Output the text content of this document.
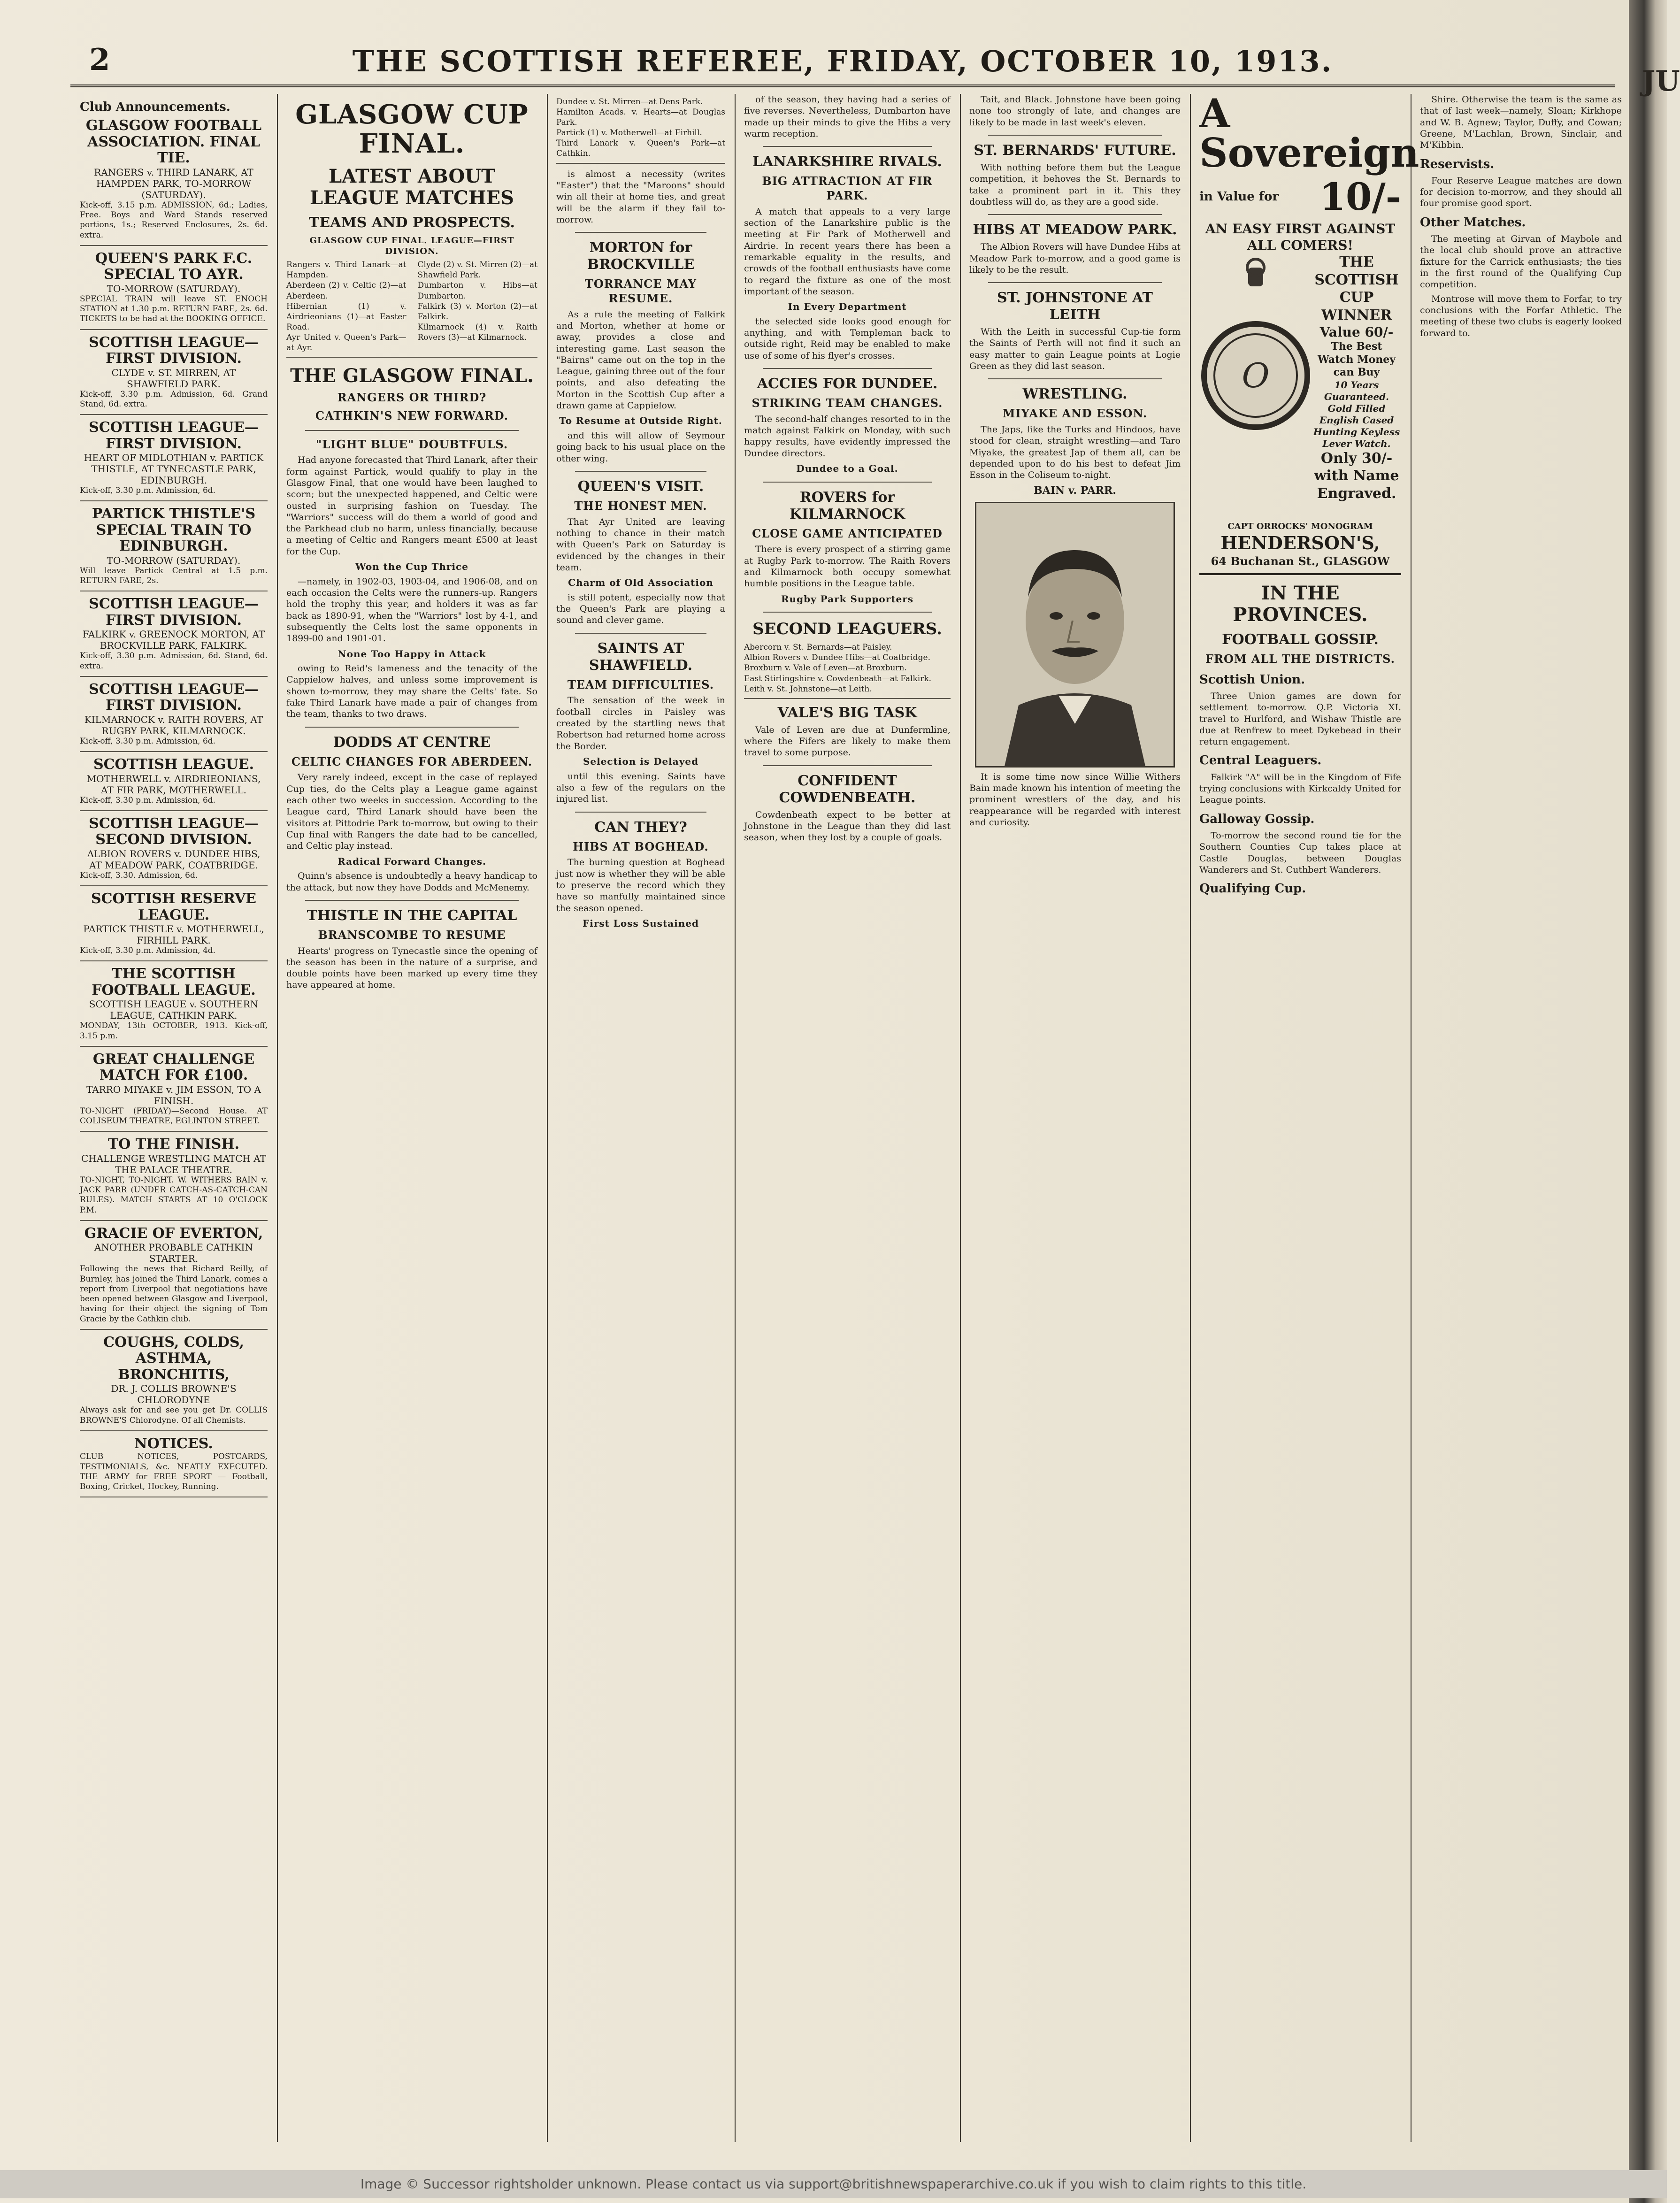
2	THE SCOTTISH REFEREE, FRIDAY, OCTOBER 10, 1913.
Club Announcements.
GLASGOW FOOTBALL ASSOCIATION. FINAL TIE.
RANGERS v. THIRD LANARK, AT HAMPDEN PARK, TO-MORROW (SATURDAY).
Kick-off, 3.15 p.m. ADMISSION, 6d.; Ladies, Free. Boys and Ward Stands reserved portions, 1s.; Reserved Enclosures, 2s. 6d. extra.
QUEEN'S PARK F.C. SPECIAL TO AYR.
TO-MORROW (SATURDAY).
SPECIAL TRAIN will leave ST. ENOCH STATION at 1.30 p.m. RETURN FARE, 2s. 6d. TICKETS to be had at the BOOKING OFFICE.
SCOTTISH LEAGUE—FIRST DIVISION.
CLYDE v. ST. MIRREN, AT SHAWFIELD PARK.
Kick-off, 3.30 p.m. Admission, 6d. Grand Stand, 6d. extra.
SCOTTISH LEAGUE—FIRST DIVISION.
HEART OF MIDLOTHIAN v. PARTICK THISTLE, AT TYNECASTLE PARK, EDINBURGH.
Kick-off, 3.30 p.m. Admission, 6d.
PARTICK THISTLE'S SPECIAL TRAIN TO EDINBURGH.
TO-MORROW (SATURDAY).
Will leave Partick Central at 1.5 p.m. RETURN FARE, 2s.
SCOTTISH LEAGUE—FIRST DIVISION.
FALKIRK v. GREENOCK MORTON, AT BROCKVILLE PARK, FALKIRK.
Kick-off, 3.30 p.m. Admission, 6d. Stand, 6d. extra.
SCOTTISH LEAGUE—FIRST DIVISION.
KILMARNOCK v. RAITH ROVERS, AT RUGBY PARK, KILMARNOCK.
Kick-off, 3.30 p.m. Admission, 6d.
SCOTTISH LEAGUE.
MOTHERWELL v. AIRDRIEONIANS, AT FIR PARK, MOTHERWELL.
Kick-off, 3.30 p.m. Admission, 6d.
SCOTTISH LEAGUE—SECOND DIVISION.
ALBION ROVERS v. DUNDEE HIBS, AT MEADOW PARK, COATBRIDGE.
Kick-off, 3.30. Admission, 6d.
SCOTTISH RESERVE LEAGUE.
PARTICK THISTLE v. MOTHERWELL, FIRHILL PARK.
Kick-off, 3.30 p.m. Admission, 4d.
THE SCOTTISH FOOTBALL LEAGUE.
SCOTTISH LEAGUE v. SOUTHERN LEAGUE, CATHKIN PARK.
MONDAY, 13th OCTOBER, 1913. Kick-off, 3.15 p.m.
GREAT CHALLENGE MATCH FOR £100.
TARRO MIYAKE v. JIM ESSON, TO A FINISH.
TO-NIGHT (FRIDAY)—Second House. AT COLISEUM THEATRE, EGLINTON STREET.
TO THE FINISH.
CHALLENGE WRESTLING MATCH AT THE PALACE THEATRE.
TO-NIGHT, TO-NIGHT. W. WITHERS BAIN v. JACK PARR (UNDER CATCH-AS-CATCH-CAN RULES). MATCH STARTS AT 10 O'CLOCK P.M.
GRACIE OF EVERTON,
ANOTHER PROBABLE CATHKIN STARTER.
Following the news that Richard Reilly, of Burnley, has joined the Third Lanark, comes a report from Liverpool that negotiations have been opened between Glasgow and Liverpool, having for their object the signing of Tom Gracie by the Cathkin club.
COUGHS, COLDS, ASTHMA, BRONCHITIS,
DR. J. COLLIS BROWNE'S CHLORODYNE
Always ask for and see you get Dr. COLLIS BROWNE'S Chlorodyne. Of all Chemists.
NOTICES.
CLUB NOTICES, POSTCARDS, TESTIMONIALS, &c. NEATLY EXECUTED. THE ARMY for FREE SPORT — Football, Boxing, Cricket, Hockey, Running.
GLASGOW CUP FINAL.
LATEST ABOUT LEAGUE MATCHES
TEAMS AND PROSPECTS.
GLASGOW CUP FINAL. LEAGUE—FIRST DIVISION.
Rangers v. Third Lanark—at Hampden.
Aberdeen (2) v. Celtic (2)—at Aberdeen.
Hibernian (1) v. Airdrieonians (1)—at Easter Road.
Ayr United v. Queen's Park—at Ayr.
Clyde (2) v. St. Mirren (2)—at Shawfield Park.
Dumbarton v. Hibs—at Dumbarton.
Falkirk (3) v. Morton (2)—at Falkirk.
Kilmarnock (4) v. Raith Rovers (3)—at Kilmarnock.
THE GLASGOW FINAL.
RANGERS OR THIRD?
CATHKIN'S NEW FORWARD.
"LIGHT BLUE" DOUBTFULS.

Had anyone forecasted that Third Lanark, after their form against Partick, would qualify to play in the Glasgow Final, that one would have been laughed to scorn; but the unexpected happened, and Celtic were ousted in surprising fashion on Tuesday. The "Warriors" success will do them a world of good and the Parkhead club no harm, unless financially, because a meeting of Celtic and Rangers meant £500 at least for the Cup.

Won the Cup Thrice

—namely, in 1902-03, 1903-04, and 1906-08, and on each occasion the Celts were the runners-up. Rangers hold the trophy this year, and holders it was as far back as 1890-91, when the "Warriors" lost by 4-1, and subsequently the Celts lost the same opponents in 1899-00 and 1901-01.

None Too Happy in Attack

owing to Reid's lameness and the tenacity of the Cappielow halves, and unless some improvement is shown to-morrow, they may share the Celts' fate. So fake Third Lanark have made a pair of changes from the team, thanks to two draws.

DODDS AT CENTRE
CELTIC CHANGES FOR ABERDEEN.

Very rarely indeed, except in the case of replayed Cup ties, do the Celts play a League game against each other two weeks in succession. According to the League card, Third Lanark should have been the visitors at Pittodrie Park to-morrow, but owing to their Cup final with Rangers the date had to be cancelled, and Celtic play instead.

Radical Forward Changes.

Quinn's absence is undoubtedly a heavy handicap to the attack, but now they have Dodds and McMenemy.

THISTLE IN THE CAPITAL
BRANSCOMBE TO RESUME

Hearts' progress on Tynecastle since the opening of the season has been in the nature of a surprise, and double points have been marked up every time they have appeared at home.

Dundee v. St. Mirren—at Dens Park.
Hamilton Acads. v. Hearts—at Douglas Park.
Partick (1) v. Motherwell—at Firhill.
Third Lanark v. Queen's Park—at Cathkin.

is almost a necessity (writes "Easter") that the "Maroons" should win all their at home ties, and great will be the alarm if they fail to-morrow.

MORTON for BROCKVILLE
TORRANCE MAY RESUME.

As a rule the meeting of Falkirk and Morton, whether at home or away, provides a close and interesting game. Last season the "Bairns" came out on the top in the League, gaining three out of the four points, and also defeating the Morton in the Scottish Cup after a drawn game at Cappielow.

To Resume at Outside Right.

and this will allow of Seymour going back to his usual place on the other wing.

QUEEN'S VISIT.
THE HONEST MEN.

That Ayr United are leaving nothing to chance in their match with Queen's Park on Saturday is evidenced by the changes in their team.

Charm of Old Association

is still potent, especially now that the Queen's Park are playing a sound and clever game.

SAINTS AT SHAWFIELD.
TEAM DIFFICULTIES.

The sensation of the week in football circles in Paisley was created by the startling news that Robertson had returned home across the Border.

Selection is Delayed

until this evening. Saints have also a few of the regulars on the injured list.

CAN THEY?
HIBS AT BOGHEAD.

The burning question at Boghead just now is whether they will be able to preserve the record which they have so manfully maintained since the season opened.

First Loss Sustained

of the season, they having had a series of five reverses. Nevertheless, Dumbarton have made up their minds to give the Hibs a very warm reception.

LANARKSHIRE RIVALS.
BIG ATTRACTION AT FIR PARK.

A match that appeals to a very large section of the Lanarkshire public is the meeting at Fir Park of Motherwell and Airdrie. In recent years there has been a remarkable equality in the results, and crowds of the football enthusiasts have come to regard the fixture as one of the most important of the season.

In Every Department

the selected side looks good enough for anything, and with Templeman back to outside right, Reid may be enabled to make use of some of his flyer's crosses.

ACCIES FOR DUNDEE.
STRIKING TEAM CHANGES.

The second-half changes resorted to in the match against Falkirk on Monday, with such happy results, have evidently impressed the Dundee directors.

Dundee to a Goal.
ROVERS for KILMARNOCK
CLOSE GAME ANTICIPATED

There is every prospect of a stirring game at Rugby Park to-morrow. The Raith Rovers and Kilmarnock both occupy somewhat humble positions in the League table.

Rugby Park Supporters
SECOND LEAGUERS.
Abercorn v. St. Bernards—at Paisley.
Albion Rovers v. Dundee Hibs—at Coatbridge.
Broxburn v. Vale of Leven—at Broxburn.
East Stirlingshire v. Cowdenbeath—at Falkirk.
Leith v. St. Johnstone—at Leith.
VALE'S BIG TASK

Vale of Leven are due at Dunfermline, where the Fifers are likely to make them travel to some purpose.

CONFIDENT COWDENBEATH.

Cowdenbeath expect to be better at Johnstone in the League than they did last season, when they lost by a couple of goals.

Tait, and Black. Johnstone have been going none too strongly of late, and changes are likely to be made in last week's eleven.

ST. BERNARDS' FUTURE.

With nothing before them but the League competition, it behoves the St. Bernards to take a prominent part in it. This they doubtless will do, as they are a good side.

HIBS AT MEADOW PARK.

The Albion Rovers will have Dundee Hibs at Meadow Park to-morrow, and a good game is likely to be the result.

ST. JOHNSTONE AT LEITH

With the Leith in successful Cup-tie form the Saints of Perth will not find it such an easy matter to gain League points at Logie Green as they did last season.

WRESTLING.
MIYAKE AND ESSON.

The Japs, like the Turks and Hindoos, have stood for clean, straight wrestling—and Taro Miyake, the greatest Jap of them all, can be depended upon to do his best to defeat Jim Esson in the Coliseum to-night.

BAIN v. PARR.

It is some time now since Willie Withers Bain made known his intention of meeting the prominent wrestlers of the day, and his reappearance will be regarded with interest and curiosity.

A Sovereign
in Value for 10/-
AN EASY FIRST AGAINST ALL COMERS!
O
THE SCOTTISH CUP WINNER
Value 60/-
The Best Watch Money can Buy
10 Years Guaranteed. Gold Filled English Cased Hunting Keyless Lever Watch.
Only 30/- with Name Engraved.
CAPT ORROCKS' MONOGRAM
HENDERSON'S,
64 Buchanan St., GLASGOW
IN THE PROVINCES.
FOOTBALL GOSSIP.
FROM ALL THE DISTRICTS.
Scottish Union.

Three Union games are down for settlement to-morrow. Q.P. Victoria XI. travel to Hurlford, and Wishaw Thistle are due at Renfrew to meet Dykebead in their return engagement.

Central Leaguers.

Falkirk "A" will be in the Kingdom of Fife trying conclusions with Kirkcaldy United for League points.

Galloway Gossip.

To-morrow the second round tie for the Southern Counties Cup takes place at Castle Douglas, between Douglas Wanderers and St. Cuthbert Wanderers.

Qualifying Cup.

Shire. Otherwise the team is the same as that of last week—namely, Sloan; Kirkhope and W. B. Agnew; Taylor, Duffy, and Cowan; Greene, M'Lachlan, Brown, Sinclair, and M'Kibbin.

Reservists.

Four Reserve League matches are down for decision to-morrow, and they should all four promise good sport.

Other Matches.

The meeting at Girvan of Maybole and the local club should prove an attractive fixture for the Carrick enthusiasts; the ties in the first round of the Qualifying Cup competition.

Montrose will move them to Forfar, to try conclusions with the Forfar Athletic. The meeting of these two clubs is eagerly looked forward to.

JU
Image © Successor rightsholder unknown. Please contact us via support@britishnewspaperarchive.co.uk if you wish to claim rights to this title.
